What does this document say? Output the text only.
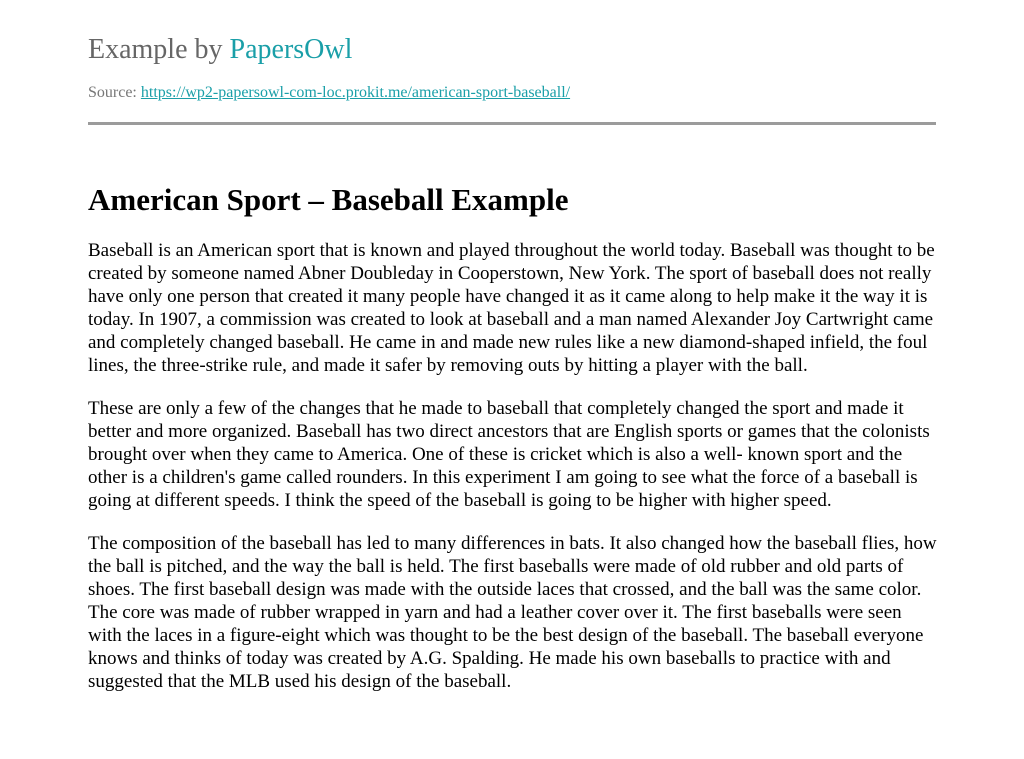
Example by PapersOwl
Source: https://wp2-papersowl-com-loc.prokit.me/american-sport-baseball/
American Sport – Baseball Example

Baseball is an American sport that is known and played throughout the world today. Baseball was thought to be created by someone named Abner Doubleday in Cooperstown, New York. The sport of baseball does not really have only one person that created it many people have changed it as it came along to help make it the way it is today. In 1907, a commission was created to look at baseball and a man named Alexander Joy Cartwright came and completely changed baseball. He came in and made new rules like a new diamond-shaped infield, the foul lines, the three-strike rule, and made it safer by removing outs by hitting a player with the ball.

These are only a few of the changes that he made to baseball that completely changed the sport and made it better and more organized. Baseball has two direct ancestors that are English sports or games that the colonists brought over when they came to America. One of these is cricket which is also a well- known sport and the other is a children's game called rounders. In this experiment I am going to see what the force of a baseball is going at different speeds. I think the speed of the baseball is going to be higher with higher speed.

The composition of the baseball has led to many differences in bats. It also changed how the baseball flies, how the ball is pitched, and the way the ball is held. The first baseballs were made of old rubber and old parts of shoes. The first baseball design was made with the outside laces that crossed, and the ball was the same color. The core was made of rubber wrapped in yarn and had a leather cover over it. The first baseballs were seen with the laces in a figure-eight which was thought to be the best design of the baseball. The baseball everyone knows and thinks of today was created by A.G. Spalding. He made his own baseballs to practice with and suggested that the MLB used his design of the baseball.
